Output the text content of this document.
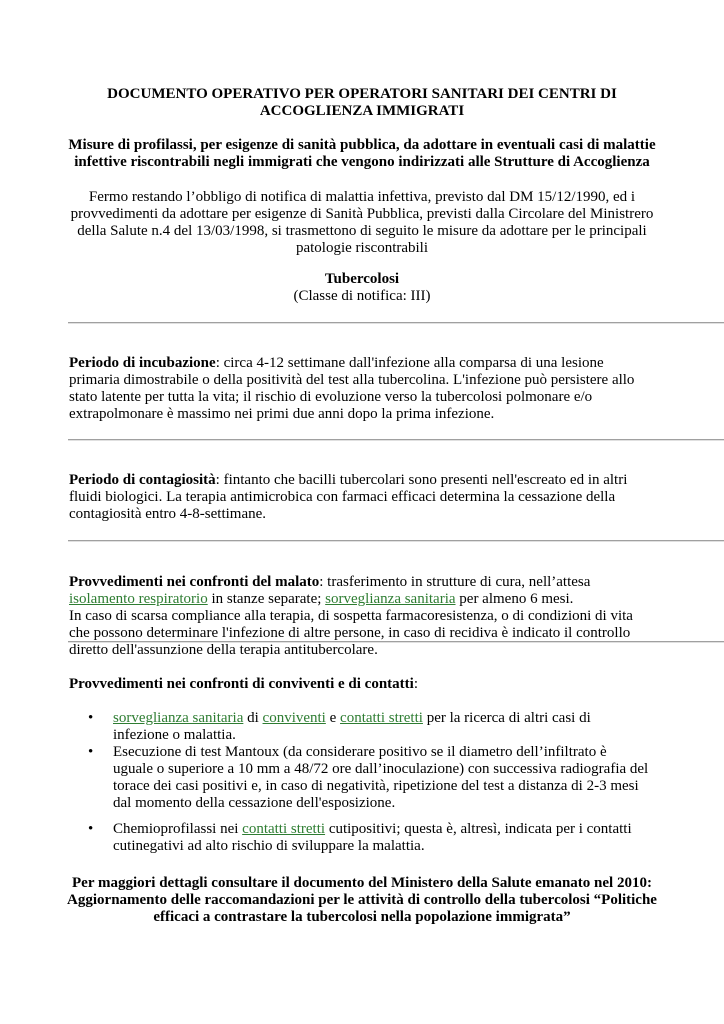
DOCUMENTO OPERATIVO PER OPERATORI SANITARI DEI CENTRI DI ACCOGLIENZA IMMIGRATI
Misure di profilassi, per esigenze di sanità pubblica, da adottare in eventuali casi di malattie infettive riscontrabili negli immigrati che vengono indirizzati alle Strutture di Accoglienza
Fermo restando l’obbligo di notifica di malattia infettiva, previsto dal DM 15/12/1990, ed i provvedimenti da adottare per esigenze di Sanità Pubblica, previsti dalla Circolare del Ministrero della Salute n.4 del 13/03/1998, si trasmettono di seguito le misure da adottare per le principali patologie riscontrabili
Tubercolosi
(Classe di notifica: III)
Periodo di incubazione: circa 4-12 settimane dall'infezione alla comparsa di una lesione primaria dimostrabile o della positività del test alla tubercolina. L'infezione può persistere allo stato latente per tutta la vita; il rischio di evoluzione verso la tubercolosi polmonare e/o extrapolmonare è massimo nei primi due anni dopo la prima infezione.
Periodo di contagiosità: fintanto che bacilli tubercolari sono presenti nell'escreato ed in altri fluidi biologici. La terapia antimicrobica con farmaci efficaci determina la cessazione della contagiosità entro 4-8-settimane.
Provvedimenti nei confronti del malato: trasferimento in strutture di cura, nell’attesa isolamento respiratorio in stanze separate; sorveglianza sanitaria per almeno 6 mesi.
In caso di scarsa compliance alla terapia, di sospetta farmacoresistenza, o di condizioni di vita che possono determinare l'infezione di altre persone, in caso di recidiva è indicato il controllo diretto dell'assunzione della terapia antitubercolare.
Provvedimenti nei confronti di conviventi e di contatti:
• sorveglianza sanitaria di conviventi e contatti stretti per la ricerca di altri casi di infezione o malattia.
• Esecuzione di test Mantoux (da considerare positivo se il diametro dell’infiltrato è uguale o superiore a 10 mm a 48/72 ore dall’inoculazione) con successiva radiografia del torace dei casi positivi e, in caso di negatività, ripetizione del test a distanza di 2-3 mesi dal momento della cessazione dell'esposizione.
• Chemioprofilassi nei contatti stretti cutipositivi; questa è, altresì, indicata per i contatti cutinegativi ad alto rischio di sviluppare la malattia.
Per maggiori dettagli consultare il documento del Ministero della Salute emanato nel 2010: Aggiornamento delle raccomandazioni per le attività di controllo della tubercolosi “Politiche efficaci a contrastare la tubercolosi nella popolazione immigrata”
